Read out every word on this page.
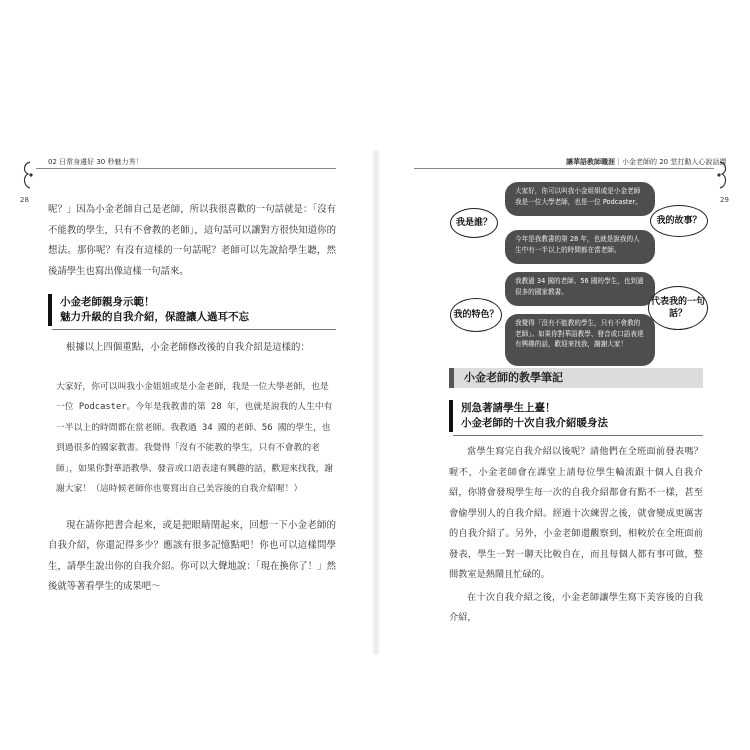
02 日常身邊好 30 秒魅力秀！
28

呢？」因為小金老師自己是老師，所以我很喜歡的一句話就是：「沒有不能教的學生，只有不會教的老師」，這句話可以讓對方很快知道你的想法。那你呢？有沒有這樣的一句話呢？老師可以先說給學生聽，然後請學生也寫出像這樣一句話來。

小金老師親身示範！
魅力升級的自我介紹，保證讓人過耳不忘

根據以上四個重點，小金老師修改後的自我介紹是這樣的：

大家好，你可以叫我小金姐姐或是小金老師，我是一位大學老師，也是一位 Podcaster。今年是我教書的第 28 年，也就是說我的人生中有一半以上的時間都在當老師。我教過 34 國的老師、56 國的學生，也到過很多的國家教書。我覺得「沒有不能教的學生，只有不會教的老師」，如果你對華語教學、發音或口語表達有興趣的話，歡迎來找我，謝謝大家！（這時候老師你也要寫出自己美容後的自我介紹喔！）

現在請你把書合起來，或是把眼睛閉起來，回想一下小金老師的自我介紹，你還記得多少？應該有很多記憶點吧！你也可以這樣問學生，請學生說出你的自我介紹。你可以大聲地說：「現在換你了！」然後就等著看學生的成果吧～

讓華語教師職涯｜小金老師的 20 堂打動人心說話課
29
大家好，你可以叫我小金姐姐或是小金老師我是一位大學老師，也是一位 Podcaster。
今年是我教書的第 28 年，也就是說我的人生中有一半以上的時間都在當老師。
我教過 34 國的老師、56 國的學生，也到過很多的國家教書。
我覺得「沒有不能教的學生，只有不會教的老師」。如果你對華語教學、發音或口語表達有興趣的話，歡迎來找我，謝謝大家！
我是誰？	我的故事？
我的特色？
代表我的一句話？
小金老師的教學筆記
別急著請學生上臺！
小金老師的十次自我介紹暖身法

當學生寫完自我介紹以後呢？請他們在全班面前發表嗎？喔不，小金老師會在課堂上請每位學生輪流跟十個人自我介紹，你將會發現學生每一次的自我介紹都會有點不一樣，甚至會偷學別人的自我介紹。經過十次練習之後，就會變成更厲害的自我介紹了。另外，小金老師還觀察到，相較於在全班面前發表，學生一對一聊天比較自在，而且每個人都有事可做，整間教室是熱鬧且忙碌的。

在十次自我介紹之後，小金老師讓學生寫下美容後的自我介紹，
